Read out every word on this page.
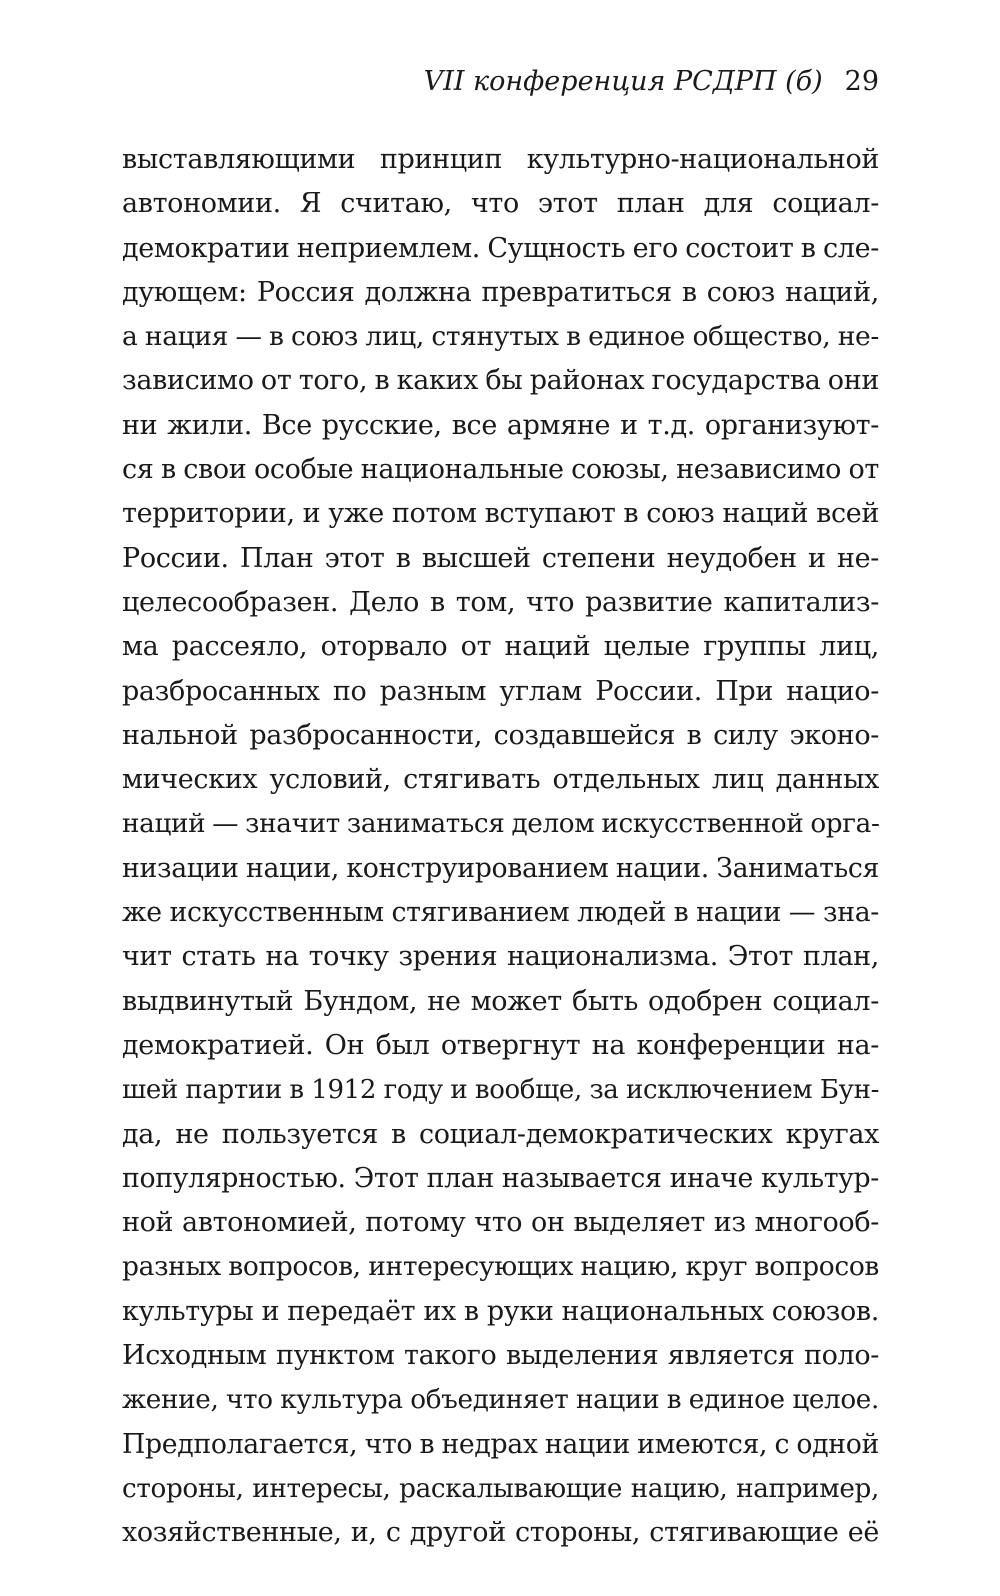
VII конференция РСДРП (б) 29
выставляющими принцип культурно-национальной
автономии. Я считаю, что этот план для социал-
демократии неприемлем. Сущность его состоит в сле-
дующем: Россия должна превратиться в союз наций,
а нация — в союз лиц, стянутых в единое общество, не-
зависимо от того, в каких бы районах государства они
ни жили. Все русские, все армяне и т.д. организуют-
ся в свои особые национальные союзы, независимо от
территории, и уже потом вступают в союз наций всей
России. План этот в высшей степени неудобен и не-
целесообразен. Дело в том, что развитие капитализ-
ма рассеяло, оторвало от наций целые группы лиц,
разбросанных по разным углам России. При нацио-
нальной разбросанности, создавшейся в силу эконо-
мических условий, стягивать отдельных лиц данных
наций — значит заниматься делом искусственной орга-
низации нации, конструированием нации. Заниматься
же искусственным стягиванием людей в нации — зна-
чит стать на точку зрения национализма. Этот план,
выдвинутый Бундом, не может быть одобрен социал-
демократией. Он был отвергнут на конференции на-
шей партии в 1912 году и вообще, за исключением Бун-
да, не пользуется в социал-демократических кругах
популярностью. Этот план называется иначе культур-
ной автономией, потому что он выделяет из многооб-
разных вопросов, интересующих нацию, круг вопросов
культуры и передаёт их в руки национальных союзов.
Исходным пунктом такого выделения является поло-
жение, что культура объединяет нации в единое целое.
Предполагается, что в недрах нации имеются, с одной
стороны, интересы, раскалывающие нацию, например,
хозяйственные, и, с другой стороны, стягивающие её
